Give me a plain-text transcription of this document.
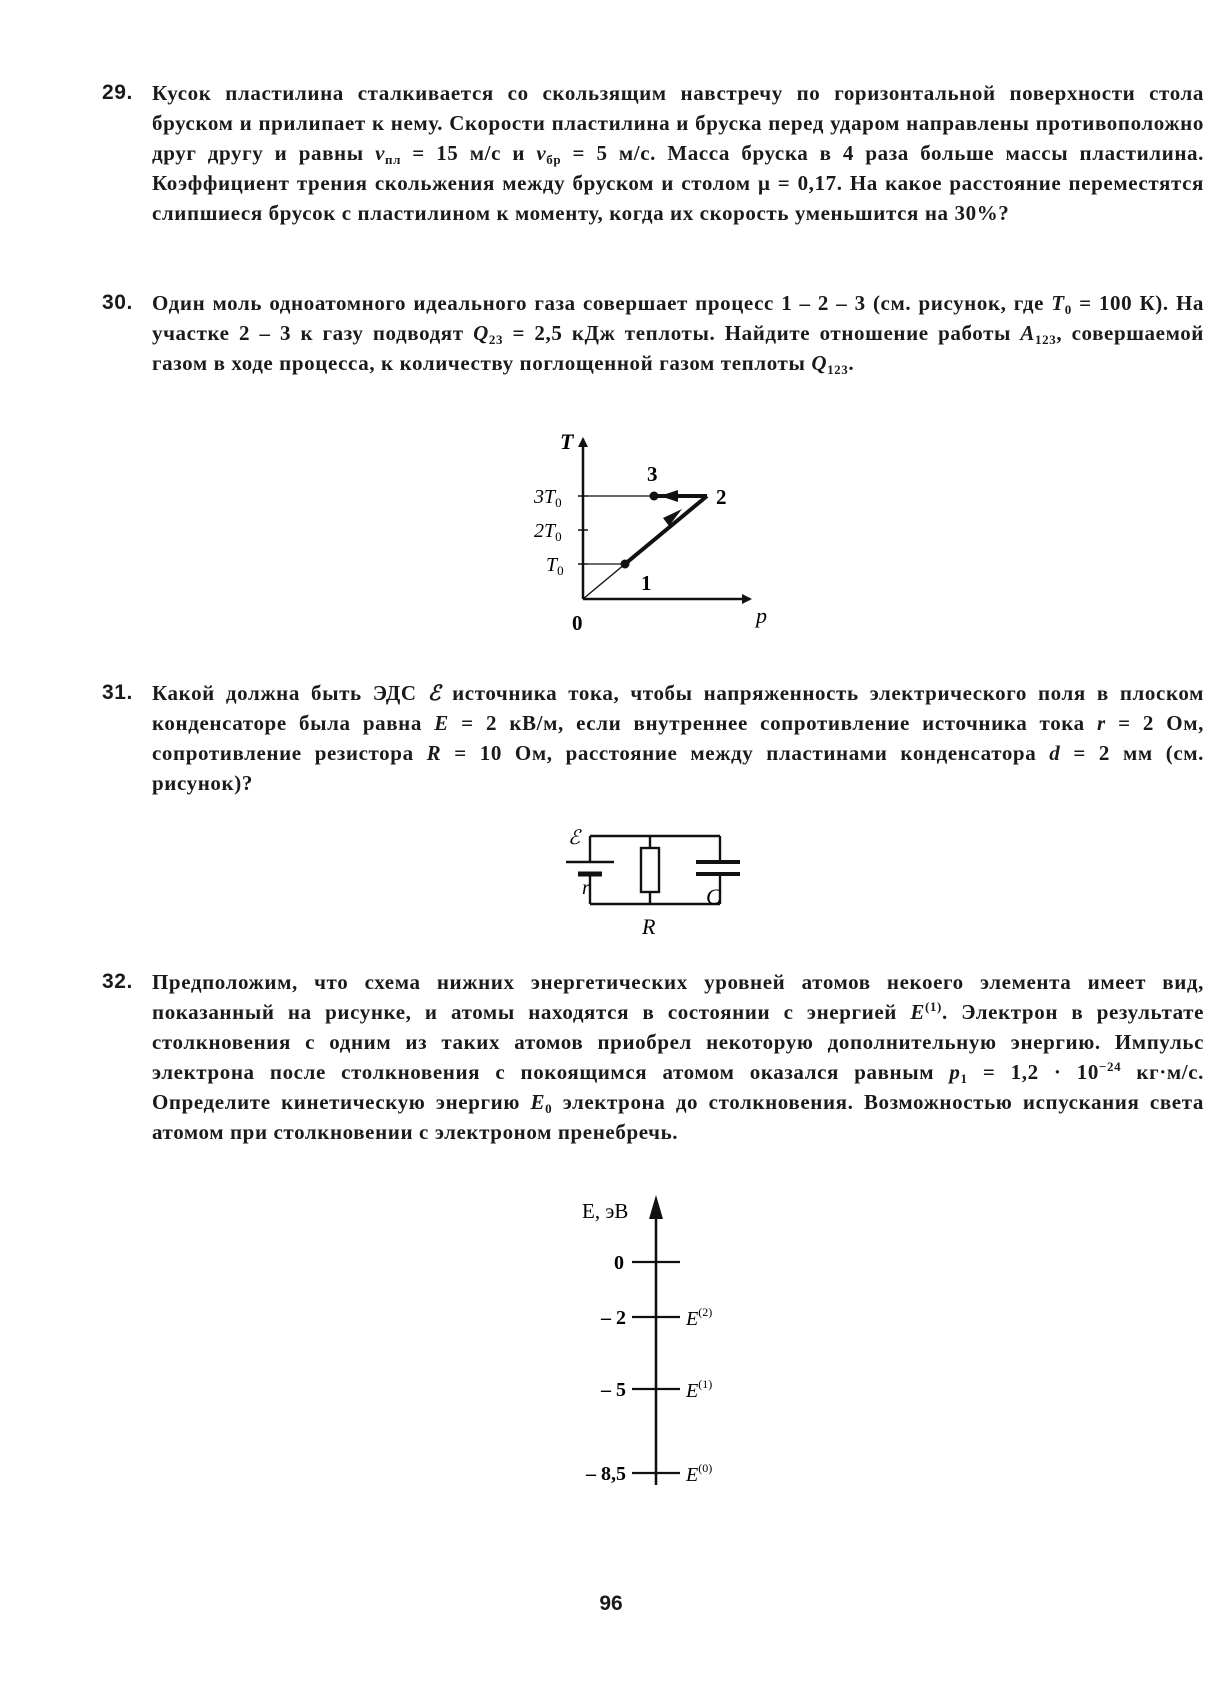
29. Кусок пластилина сталкивается со скользящим навстречу по горизонтальной поверхности стола бруском и прилипает к нему. Скорости пластилина и бруска перед ударом направлены противоположно друг другу и равны $v_{пл} = 15$ м/с и $v_{бр} = 5$ м/с. Масса бруска в 4 раза больше массы пластилина. Коэффициент трения скольжения между бруском и столом μ = 0,17. На какое расстояние переместятся слипшиеся брусок с пластилином к моменту, когда их скорость уменьшится на 30%?

30. Один моль одноатомного идеального газа совершает процесс 1 – 2 – 3 (см. рисунок, где $T_0 = 100$ К). На участке 2 – 3 к газу подводят $Q_{23} = 2,5$ кДж теплоты. Найдите отношение работы $A_{123}$, совершаемой газом в ходе процесса, к количеству поглощенной газом теплоты $Q_{123}$.

T
p
0
$3T_0$
$2T_0$
$T_0$
1
2
3
31. Какой должна быть ЭДС ℰ источника тока, чтобы напряженность электрического поля в плоском конденсаторе была равна E = 2 кВ/м, если внутреннее сопротивление источника тока r = 2 Ом, сопротивление резистора R = 10 Ом, расстояние между пластинами конденсатора d = 2 мм (см. рисунок)?

ℰ
r
R
C
32. Предположим, что схема нижних энергетических уровней атомов некоего элемента имеет вид, показанный на рисунке, и атомы находятся в состоянии с энергией $E^{(1)}$. Электрон в результате столкновения с одним из таких атомов приобрел некоторую дополнительную энергию. Импульс электрона после столкновения с покоящимся атомом оказался равным $p_1 = 1,2 \cdot 10^{-24}$ кг·м/с. Определите кинетическую энергию $E_0$ электрона до столкновения. Возможностью испускания света атомом при столкновении с электроном пренебречь.

E, эВ
0
– 2	$E^{(2)}$
– 5	$E^{(1)}$
– 8,5	$E^{(0)}$
96
